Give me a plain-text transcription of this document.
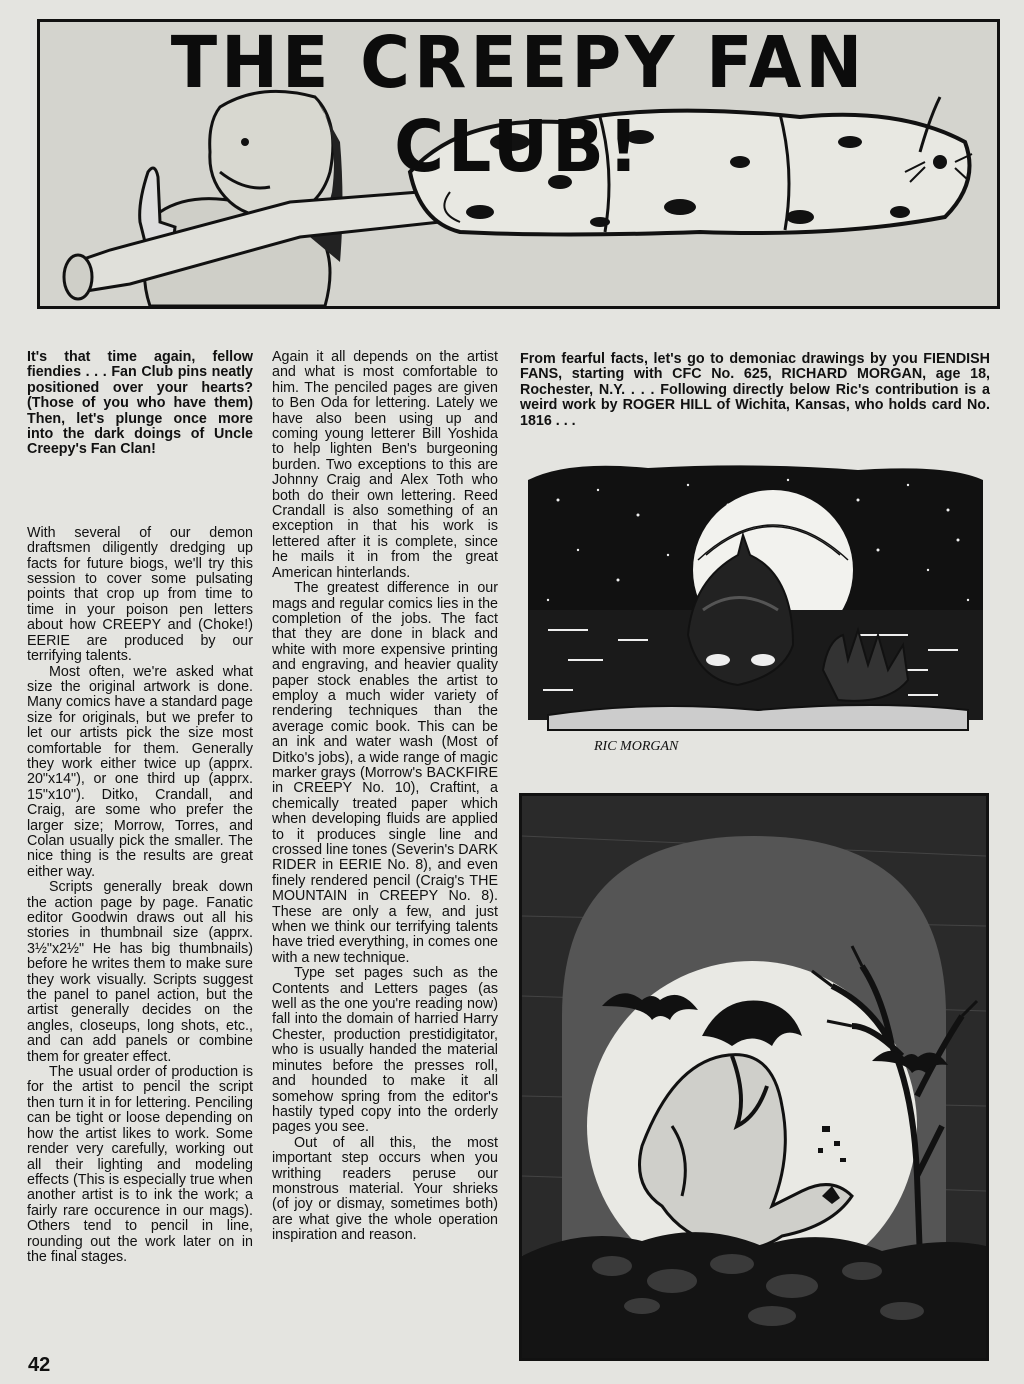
THE CREEPY FAN CLUB!

It's that time again, fellow fiendies . . . Fan Club pins neatly positioned over your hearts? (Those of you who have them) Then, let's plunge once more into the dark doings of Uncle Creepy's Fan Clan!

With several of our demon draftsmen diligently dredging up facts for future biogs, we'll try this session to cover some pulsating points that crop up from time to time in your poison pen letters about how CREEPY and (Choke!) EERIE are produced by our terrifying talents.

Most often, we're asked what size the original artwork is done. Many comics have a standard page size for originals, but we prefer to let our artists pick the size most comfortable for them. Generally they work either twice up (apprx. 20"x14"), or one third up (apprx. 15"x10"). Ditko, Crandall, and Craig, are some who prefer the larger size; Morrow, Torres, and Colan usually pick the smaller. The nice thing is the results are great either way.

Scripts generally break down the action page by page. Fanatic editor Goodwin draws out all his stories in thumbnail size (apprx. 3½"x2½" He has big thumbnails) before he writes them to make sure they work visually. Scripts suggest the panel to panel action, but the artist generally decides on the angles, closeups, long shots, etc., and can add panels or combine them for greater effect.

The usual order of production is for the artist to pencil the script then turn it in for lettering. Penciling can be tight or loose depending on how the artist likes to work. Some render very carefully, working out all their lighting and modeling effects (This is especially true when another artist is to ink the work; a fairly rare occurence in our mags). Others tend to pencil in line, rounding out the work later on in the final stages.

Again it all depends on the artist and what is most comfortable to him. The penciled pages are given to Ben Oda for lettering. Lately we have also been using up and coming young letterer Bill Yoshida to help lighten Ben's burgeoning burden. Two exceptions to this are Johnny Craig and Alex Toth who both do their own lettering. Reed Crandall is also something of an exception in that his work is lettered after it is complete, since he mails it in from the great American hinterlands.

The greatest difference in our mags and regular comics lies in the completion of the jobs. The fact that they are done in black and white with more expensive printing and engraving, and heavier quality paper stock enables the artist to employ a much wider variety of rendering techniques than the average comic book. This can be an ink and water wash (Most of Ditko's jobs), a wide range of magic marker grays (Morrow's BACKFIRE in CREEPY No. 10), Craftint, a chemically treated paper which when developing fluids are applied to it produces single line and crossed line tones (Severin's DARK RIDER in EERIE No. 8), and even finely rendered pencil (Craig's THE MOUNTAIN in CREEPY No. 8). These are only a few, and just when we think our terrifying talents have tried everything, in comes one with a new technique.

Type set pages such as the Contents and Letters pages (as well as the one you're reading now) fall into the domain of harried Harry Chester, production prestidigitator, who is usually handed the material minutes before the presses roll, and hounded to make it all somehow spring from the editor's hastily typed copy into the orderly pages you see.

Out of all this, the most important step occurs when you writhing readers peruse our monstrous material. Your shrieks (of joy or dismay, sometimes both) are what give the whole operation inspiration and reason.

From fearful facts, let's go to demoniac drawings by you FIENDISH FANS, starting with CFC No. 625, RICHARD MORGAN, age 18, Rochester, N.Y. . . . Following directly below Ric's contribution is a weird work by ROGER HILL of Wichita, Kansas, who holds card No. 1816 . . .

RIC MORGAN
42
